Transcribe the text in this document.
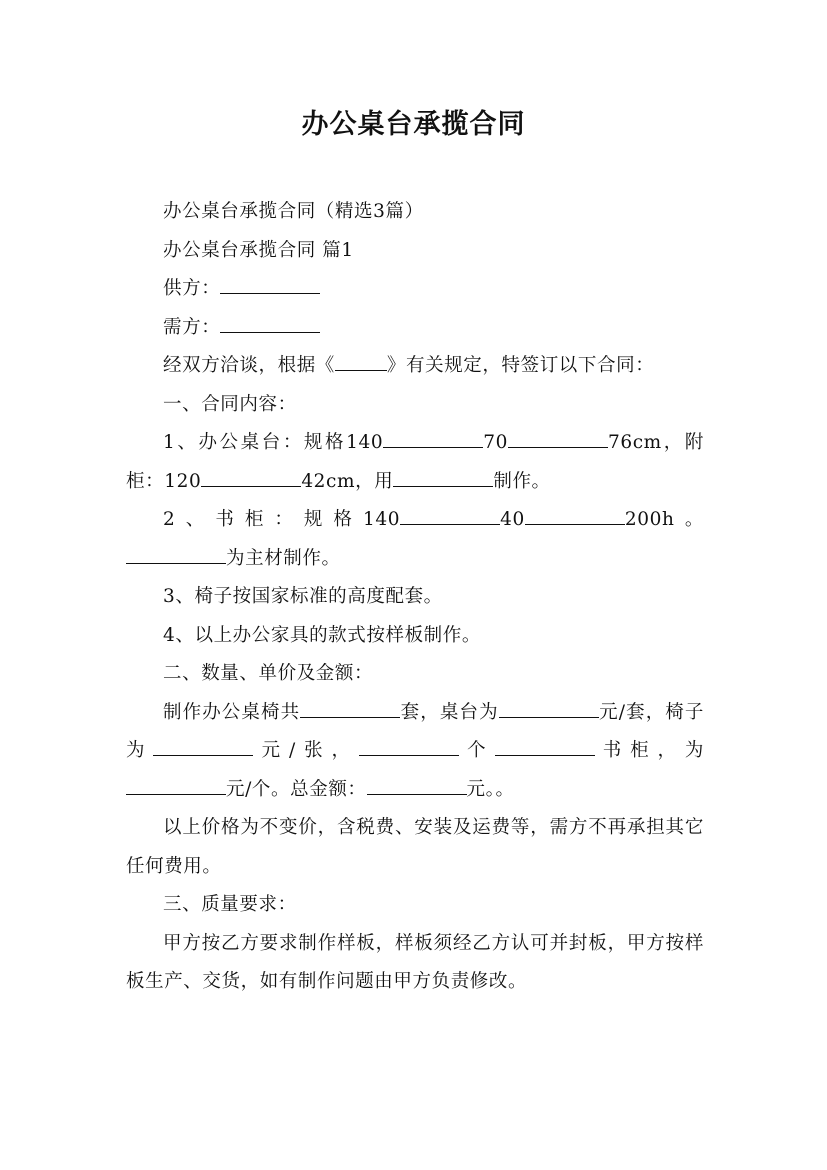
办公桌台承揽合同

办公桌台承揽合同（精选3篇）

办公桌台承揽合同 篇1

供方：

需方：

经双方洽谈，根据《	》有关规定，特签订以下合同：

一、合同内容：

1、办公桌台：规格140	70	76cm，附柜：120	42cm，用	制作。

2、书柜：规格140	40	200h。为主材制作。

3、椅子按国家标准的高度配套。

4、以上办公家具的款式按样板制作。

二、数量、单价及金额：

制作办公桌椅共	套，桌台为	元/套，椅子为	元/张，	个	书柜，为元/个。总金额：	元。。

以上价格为不变价，含税费、安装及运费等，需方不再承担其它任何费用。

三、质量要求：

甲方按乙方要求制作样板，样板须经乙方认可并封板，甲方按样板生产、交货，如有制作问题由甲方负责修改。
